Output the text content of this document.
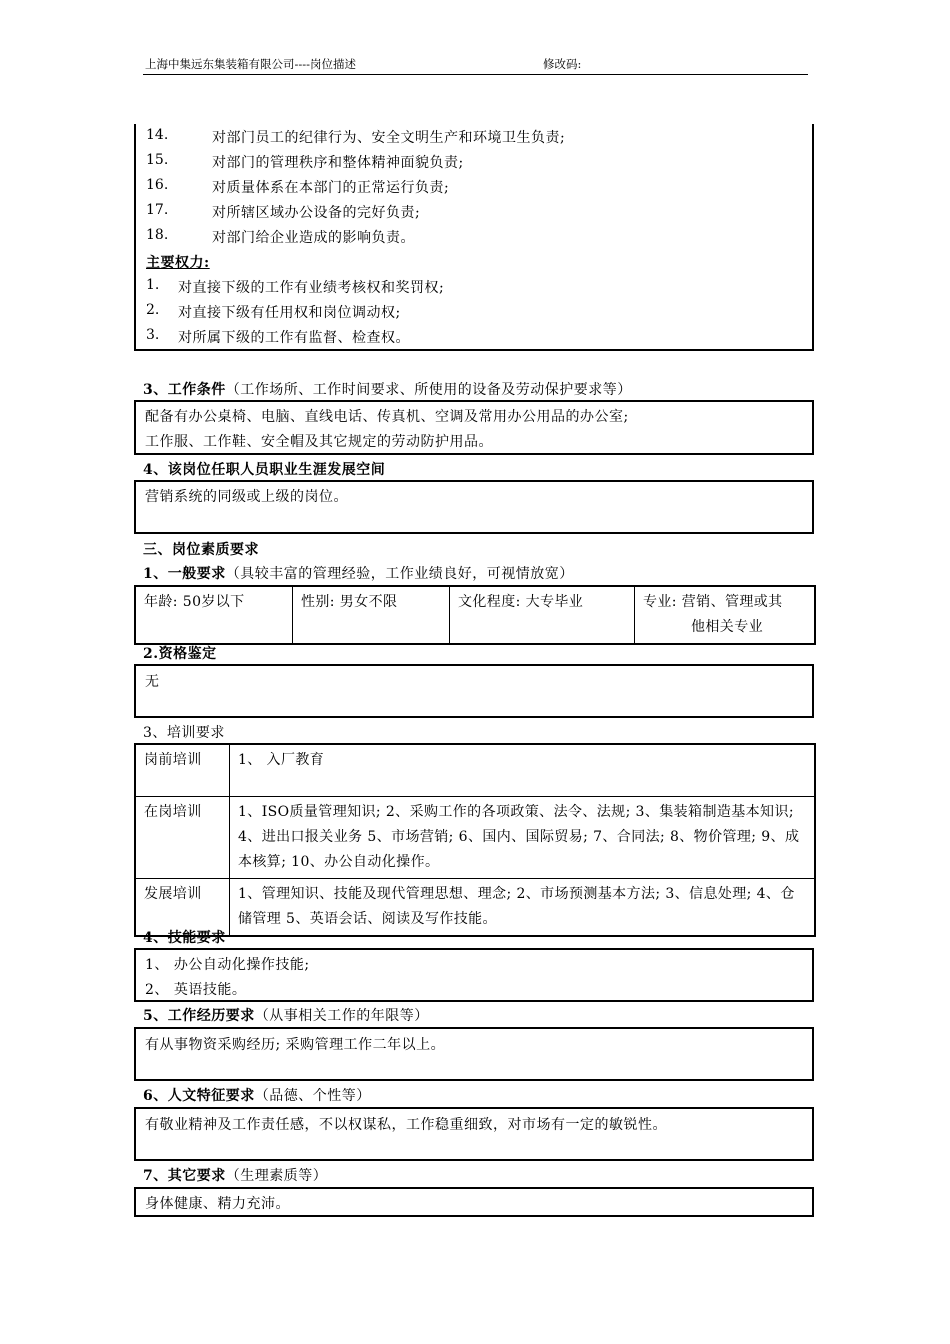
上海中集远东集装箱有限公司----岗位描述	修改码:
14.	对部门员工的纪律行为、安全文明生产和环境卫生负责;
15.	对部门的管理秩序和整体精神面貌负责;
16.	对质量体系在本部门的正常运行负责;
17.	对所辖区域办公设备的完好负责;
18.	对部门给企业造成的影响负责。
主要权力:
1. 对直接下级的工作有业绩考核权和奖罚权;
2. 对直接下级有任用权和岗位调动权;
3. 对所属下级的工作有监督、检查权。
3、工作条件（工作场所、工作时间要求、所使用的设备及劳动保护要求等）
配备有办公桌椅、电脑、直线电话、传真机、空调及常用办公用品的办公室;
工作服、工作鞋、安全帽及其它规定的劳动防护用品。
4、该岗位任职人员职业生涯发展空间
营销系统的同级或上级的岗位。
三、岗位素质要求
1、一般要求（具较丰富的管理经验，工作业绩良好，可视情放宽）
年龄: 50岁以下	性别: 男女不限	文化程度: 大专毕业	专业: 营销、管理或其
他相关专业
2.资格鉴定
无
3、培训要求
岗前培训	1、 入厂教育
在岗培训	1、ISO质量管理知识; 2、采购工作的各项政策、法令、法规; 3、集装箱制造基本知识; 4、进出口报关业务 5、市场营销; 6、国内、国际贸易; 7、合同法; 8、物价管理; 9、成本核算; 10、办公自动化操作。
发展培训	1、管理知识、技能及现代管理思想、理念; 2、市场预测基本方法; 3、信息处理; 4、仓储管理 5、英语会话、阅读及写作技能。
4、技能要求
1、 办公自动化操作技能;
2、 英语技能。
5、工作经历要求（从事相关工作的年限等）
有从事物资采购经历; 采购管理工作二年以上。
6、人文特征要求（品德、个性等）
有敬业精神及工作责任感，不以权谋私，工作稳重细致，对市场有一定的敏锐性。
7、其它要求（生理素质等）
身体健康、精力充沛。
